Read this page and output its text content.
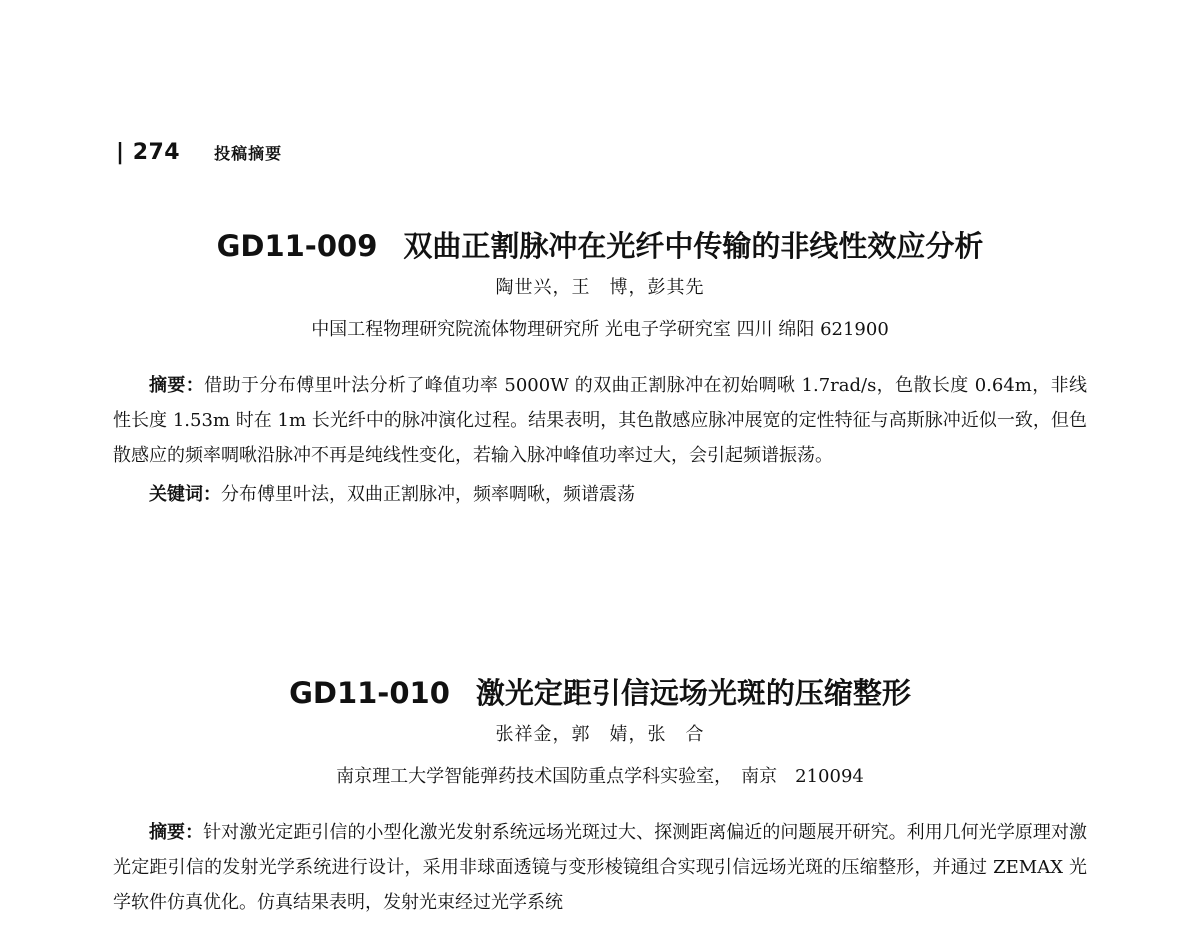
| 274 投稿摘要
GD11-009 双曲正割脉冲在光纤中传输的非线性效应分析
陶世兴，王　博，彭其先
中国工程物理研究院流体物理研究所 光电子学研究室 四川 绵阳 621900
摘要：借助于分布傅里叶法分析了峰值功率 5000W 的双曲正割脉冲在初始啁啾 1.7rad/s，色散长度 0.64m，非线性长度 1.53m 时在 1m 长光纤中的脉冲演化过程。结果表明，其色散感应脉冲展宽的定性特征与高斯脉冲近似一致，但色散感应的频率啁啾沿脉冲不再是纯线性变化，若输入脉冲峰值功率过大，会引起频谱振荡。
关键词：分布傅里叶法，双曲正割脉冲，频率啁啾，频谱震荡
GD11-010 激光定距引信远场光斑的压缩整形
张祥金，郭　婧，张　合
南京理工大学智能弹药技术国防重点学科实验室，　南京　210094
摘要：针对激光定距引信的小型化激光发射系统远场光斑过大、探测距离偏近的问题展开研究。利用几何光学原理对激光定距引信的发射光学系统进行设计，采用非球面透镜与变形棱镜组合实现引信远场光斑的压缩整形，并通过 ZEMAX 光学软件仿真优化。仿真结果表明，发射光束经过光学系统
